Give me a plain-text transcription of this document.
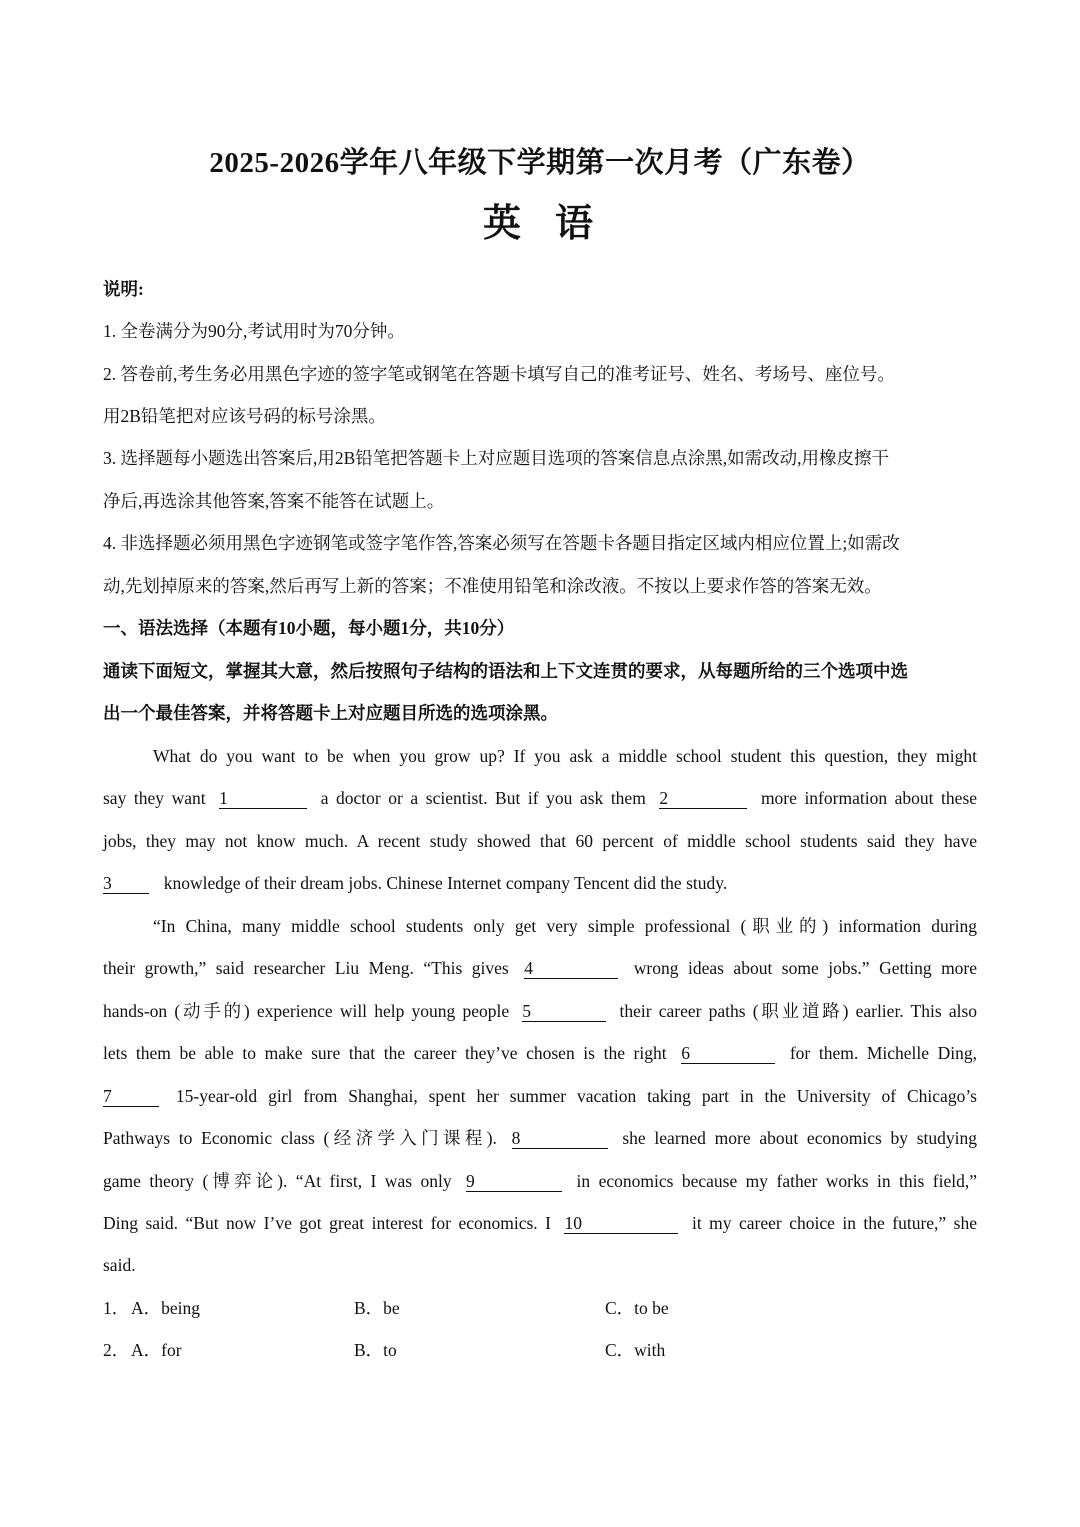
2025-2026学年八年级下学期第一次月考（广东卷）
英语
说明:
1. 全卷满分为90分,考试用时为70分钟。
2. 答卷前,考生务必用黑色字迹的签字笔或钢笔在答题卡填写自己的准考证号、姓名、考场号、座位号。
用2B铅笔把对应该号码的标号涂黑。
3. 选择题每小题选出答案后,用2B铅笔把答题卡上对应题目选项的答案信息点涂黑,如需改动,用橡皮擦干
净后,再选涂其他答案,答案不能答在试题上。
4. 非选择题必须用黑色字迹钢笔或签字笔作答,答案必须写在答题卡各题目指定区域内相应位置上;如需改
动,先划掉原来的答案,然后再写上新的答案；不准使用铅笔和涂改液。不按以上要求作答的答案无效。
一、语法选择（本题有10小题，每小题1分，共10分）
通读下面短文，掌握其大意，然后按照句子结构的语法和上下文连贯的要求，从每题所给的三个选项中选
出一个最佳答案，并将答题卡上对应题目所选的选项涂黑。
What do you want to be when you grow up? If you ask a middle school student this question, they might
say they want 1	a doctor or a scientist. But if you ask them 2	more information about these
jobs, they may not know much. A recent study showed that 60 percent of middle school students said they have
3	knowledge of their dream jobs. Chinese Internet company Tencent did the study.
“In China, many middle school students only get very simple professional (职业的) information during
their growth,” said researcher Liu Meng. “This gives 4	wrong ideas about some jobs.” Getting more
hands-on (动手的) experience will help young people 5	their career paths (职业道路) earlier. This also
lets them be able to make sure that the career they’ve chosen is the right 6	for them. Michelle Ding,
7	15-year-old girl from Shanghai, spent her summer vacation taking part in the University of Chicago’s
Pathways to Economic class (经济学入门课程). 8	she learned more about economics by studying
game theory (博弈论). “At first, I was only 9	in economics because my father works in this field,”
Ding said. “But now I’ve got great interest for economics. I 10	it my career choice in the future,” she
said.
1． A．being	B．be	C．to be
2． A．for	B．to	C．with
